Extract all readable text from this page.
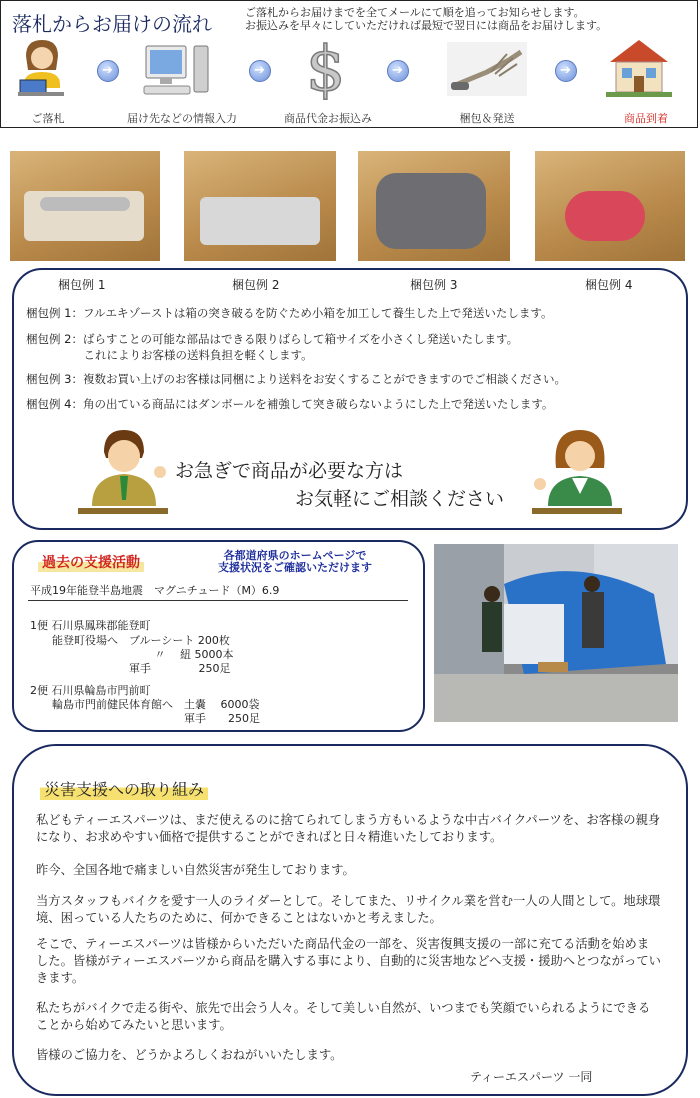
落札からお届けの流れ	ご落札からお届けまでを全てメールにて順を追ってお知らせします。
お振込みを早々にしていただければ最短で翌日には商品をお届けします。
ご落札
➔	届け先などの情報入力
➔
$
商品代金お振込み
➔	梱包＆発送
➔	商品到着
梱包例 1	梱包例 2	梱包例 3	梱包例 4
梱包例 1：フルエキゾーストは箱の突き破るを防ぐため小箱を加工して養生した上で発送いたします。
梱包例 2：ばらすことの可能な部品はできる限りばらして箱サイズを小さくし発送いたします。
　　　　　これによりお客様の送料負担を軽くします。
梱包例 3：複数お買い上げのお客様は同梱により送料をお安くすることができますのでご相談ください。
梱包例 4：角の出ている商品にはダンボールを補強して突き破らないようにした上で発送いたします。
お急ぎで商品が必要な方は
お気軽にご相談ください
過去の支援活動	各都道府県のホームページで
支援状況をご確認いただけます
平成19年能登半島地震　マグニチュード（M）6.9
1便 石川県鳳珠郡能登町
　　能登町役場へ　ブルーシート 200枚
　　　　　　　　　　　 〃　 紐 5000本
　　　　　　　　　軍手　　　　 250足
2便 石川県輪島市門前町
　　輪島市門前健民体育館へ　土嚢　 6000袋
　　　　　　　　　　　　　　軍手　　250足
災害支援への取り組み
私どもティーエスパーツは、まだ使えるのに捨てられてしまう方もいるような中古バイクパーツを、お客様の親身になり、お求めやすい価格で提供することができればと日々精進いたしております。
昨今、全国各地で痛ましい自然災害が発生しております。
当方スタッフもバイクを愛す一人のライダーとして。そしてまた、リサイクル業を営む一人の人間として。地球環境、困っている人たちのために、何かできることはないかと考えました。
そこで、ティーエスパーツは皆様からいただいた商品代金の一部を、災害復興支援の一部に充てる活動を始めました。皆様がティーエスパーツから商品を購入する事により、自動的に災害地などへ支援・援助へとつながっていきます。
私たちがバイクで走る街や、旅先で出会う人々。そして美しい自然が、いつまでも笑顔でいられるようにできることから始めてみたいと思います。
皆様のご協力を、どうかよろしくおねがいいたします。
ティーエスパーツ 一同
